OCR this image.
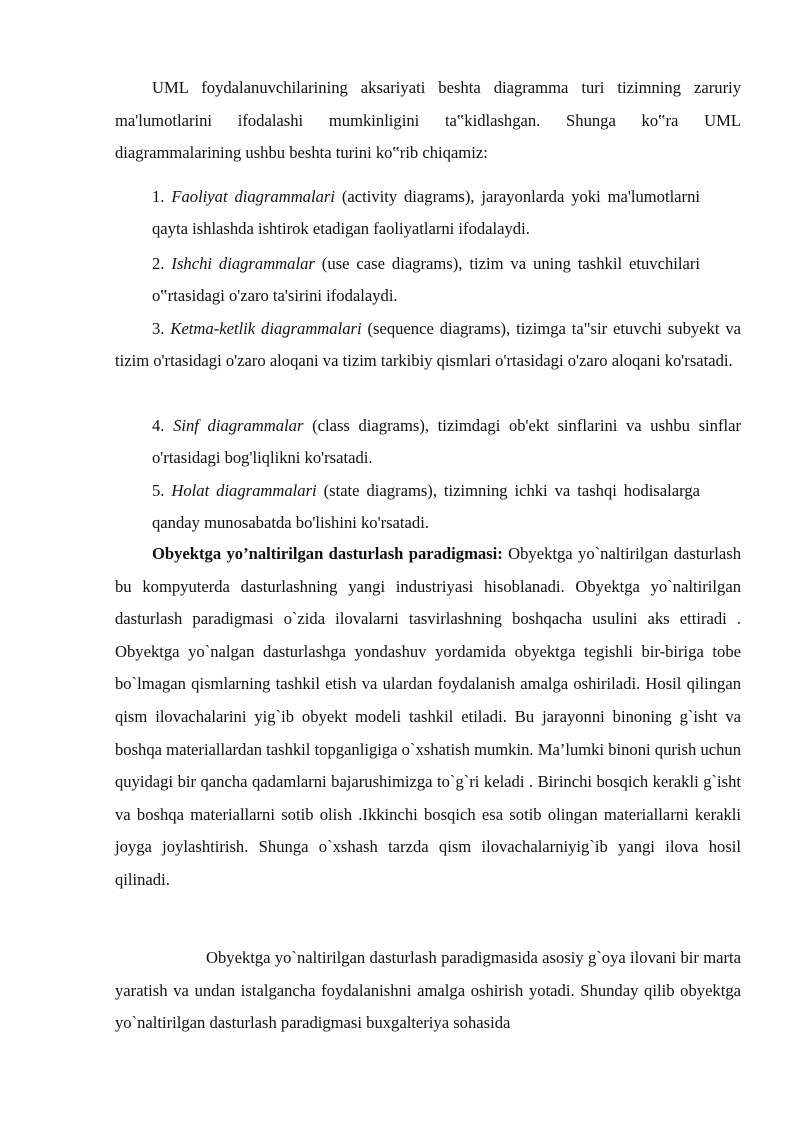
UML foydalanuvchilarining aksariyati beshta diagramma turi tizimning zaruriy ma'lumotlarini ifodalashi mumkinligini ta‟kidlashgan. Shunga ko‟ra UML diagrammalarining ushbu beshta turini ko‟rib chiqamiz:

1. Faoliyat diagrammalari (activity diagrams), jarayonlarda yoki ma'lumotlarni qayta ishlashda ishtirok etadigan faoliyatlarni ifodalaydi.

2. Ishchi diagrammalar (use case diagrams), tizim va uning tashkil etuvchilari o‟rtasidagi o'zaro ta'sirini ifodalaydi.

3. Ketma-ketlik diagrammalari (sequence diagrams), tizimga ta"sir etuvchi subyekt va tizim o'rtasidagi o'zaro aloqani va tizim tarkibiy qismlari o'rtasidagi o'zaro aloqani ko'rsatadi.

4. Sinf diagrammalar (class diagrams), tizimdagi ob'ekt sinflarini va ushbu sinflar o'rtasidagi bog'liqlikni ko'rsatadi.

5. Holat diagrammalari (state diagrams), tizimning ichki va tashqi hodisalarga qanday munosabatda bo'lishini ko'rsatadi.

Obyektga yo’naltirilgan dasturlash paradigmasi: Obyektga yo`naltirilgan dasturlash bu kompyuterda dasturlashning yangi industriyasi hisoblanadi. Obyektga yo`naltirilgan dasturlash paradigmasi o`zida ilovalarni tasvirlashning boshqacha usulini aks ettiradi . Obyektga yo`nalgan dasturlashga yondashuv yordamida obyektga tegishli bir-biriga tobe bo`lmagan qismlarning tashkil etish va ulardan foydalanish amalga oshiriladi. Hosil qilingan qism ilovachalarini yig`ib obyekt modeli tashkil etiladi. Bu jarayonni binoning g`isht va boshqa materiallardan tashkil topganligiga o`xshatish mumkin. Ma’lumki binoni qurish uchun quyidagi bir qancha qadamlarni bajarushimizga to`g`ri keladi . Birinchi bosqich kerakli g`isht va boshqa materiallarni sotib olish .Ikkinchi bosqich esa sotib olingan materiallarni kerakli joyga joylashtirish. Shunga o`xshash tarzda qism ilovachalarniyig`ib yangi ilova hosil qilinadi.

Obyektga yo`naltirilgan dasturlash paradigmasida asosiy g`oya ilovani bir marta yaratish va undan istalgancha foydalanishni amalga oshirish yotadi. Shunday qilib obyektga yo`naltirilgan dasturlash paradigmasi buxgalteriya sohasida
